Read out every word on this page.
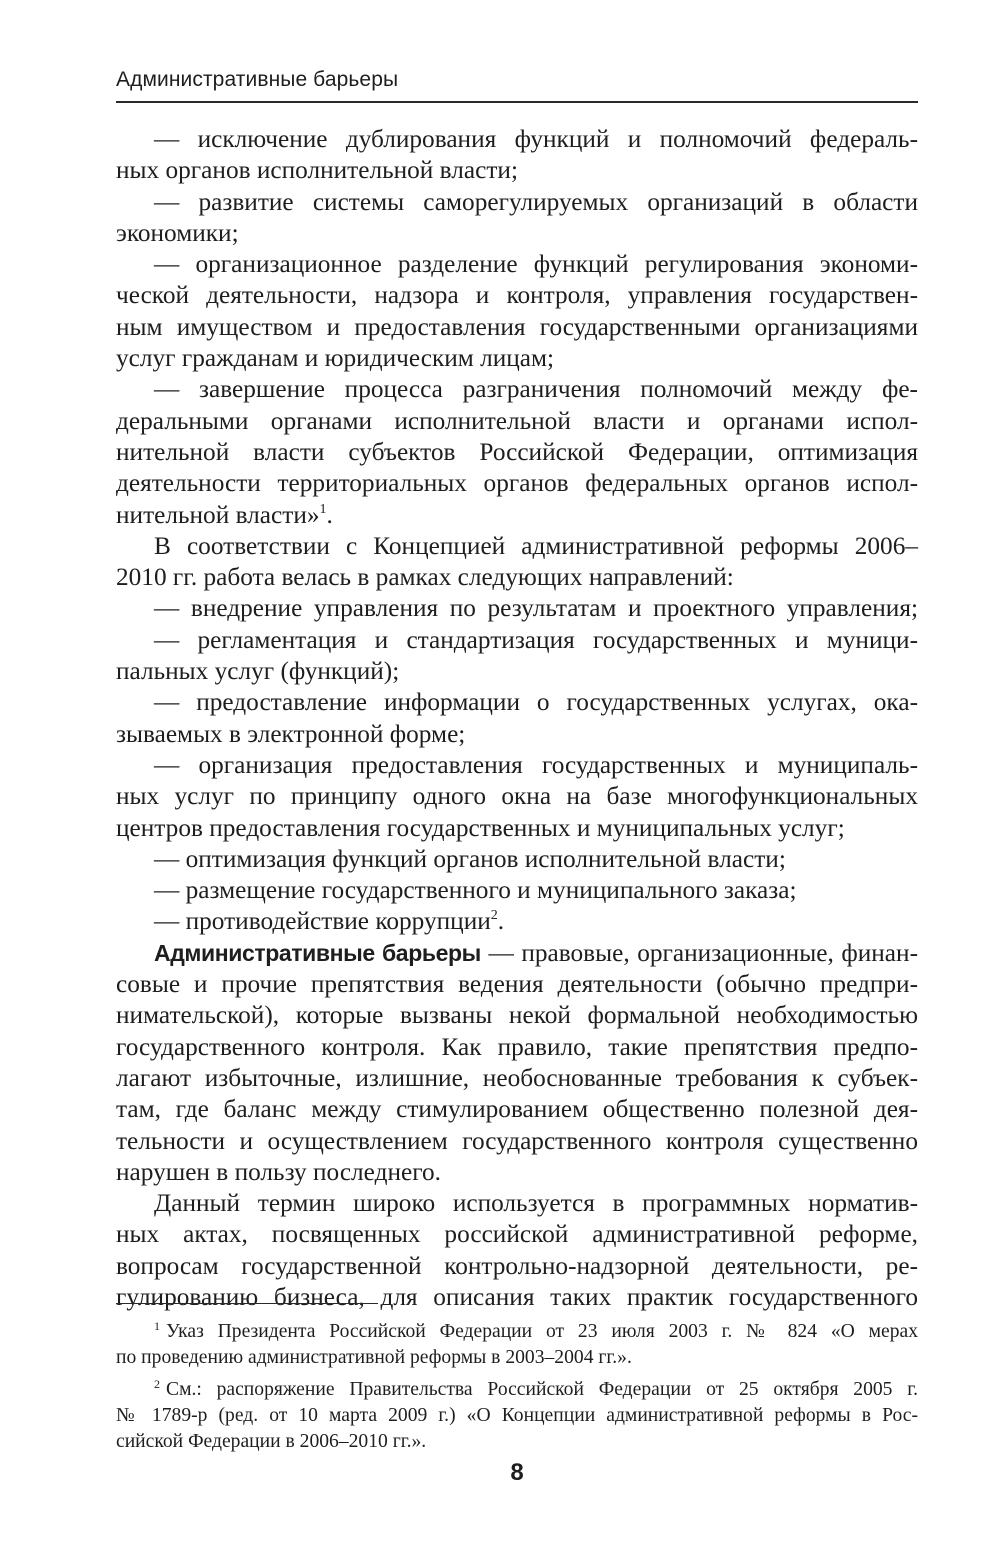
Административные барьеры
— исключение дублирования функций и полномочий федераль-
ных органов исполнительной власти;
— развитие системы саморегулируемых организаций в области
экономики;
— организационное разделение функций регулирования экономи-
ческой деятельности, надзора и контроля, управления государствен-
ным имуществом и предоставления государственными организациями
услуг гражданам и юридическим лицам;
— завершение процесса разграничения полномочий между фе-
деральными органами исполнительной власти и органами испол-
нительной власти субъектов Российской Федерации, оптимизация
деятельности территориальных органов федеральных органов испол-
нительной власти»$^1$.
В соответствии с Концепцией административной реформы 2006–
2010 гг. работа велась в рамках следующих направлений:
— внедрение управления по результатам и проектного управления;
— регламентация и стандартизация государственных и муници-
пальных услуг (функций);
— предоставление информации о государственных услугах, ока-
зываемых в электронной форме;
— организация предоставления государственных и муниципаль-
ных услуг по принципу одного окна на базе многофункциональных
центров предоставления государственных и муниципальных услуг;
— оптимизация функций органов исполнительной власти;
— размещение государственного и муниципального заказа;
— противодействие коррупции$^2$.
Административные барьеры — правовые, организационные, финан-
совые и прочие препятствия ведения деятельности (обычно предпри-
нимательской), которые вызваны некой формальной необходимостью
государственного контроля. Как правило, такие препятствия предпо-
лагают избыточные, излишние, необоснованные требования к субъек-
там, где баланс между стимулированием общественно полезной дея-
тельности и осуществлением государственного контроля существенно
нарушен в пользу последнего.
Данный термин широко используется в программных норматив-
ных актах, посвященных российской административной реформе,
вопросам государственной контрольно-надзорной деятельности, ре-
гулированию бизнеса, для описания таких практик государственного
$^1$ Указ Президента Российской Федерации от 23 июля 2003 г. № 824 «О мерах
по проведению административной реформы в 2003–2004 гг.».
$^2$ См.: распоряжение Правительства Российской Федерации от 25 октября 2005 г.
№ 1789-р (ред. от 10 марта 2009 г.) «О Концепции административной реформы в Рос-
сийской Федерации в 2006–2010 гг.».
8
